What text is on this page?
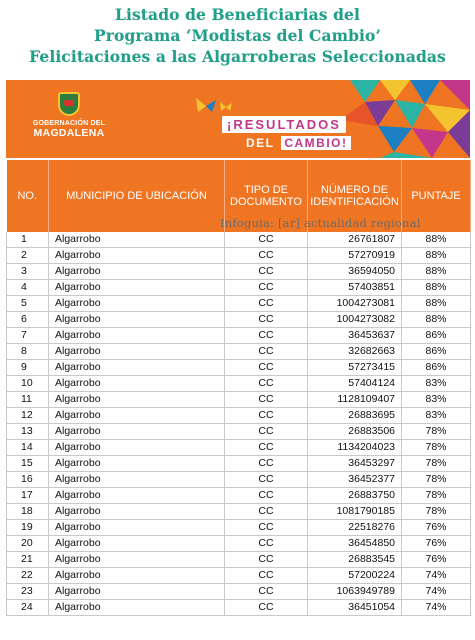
Listado de Beneficiarias del
Programa ‘Modistas del Cambio’
Felicitaciones a las Algarroberas Seleccionadas
GOBERNACIÓN DEL
MAGDALENA
¡RESULTADOS
DEL CAMBIO!
NO.	MUNICIPIO DE UBICACIÓN	TIPO DE DOCUMENTO	NÚMERO DE IDENTIFICACIÓN	PUNTAJE
1	Algarrobo	CC	26761807	88%
2	Algarrobo	CC	57270919	88%
3	Algarrobo	CC	36594050	88%
4	Algarrobo	CC	57403851	88%
5	Algarrobo	CC	1004273081	88%
6	Algarrobo	CC	1004273082	88%
7	Algarrobo	CC	36453637	86%
8	Algarrobo	CC	32682663	86%
9	Algarrobo	CC	57273415	86%
10	Algarrobo	CC	57404124	83%
11	Algarrobo	CC	1128109407	83%
12	Algarrobo	CC	26883695	83%
13	Algarrobo	CC	26883506	78%
14	Algarrobo	CC	1134204023	78%
15	Algarrobo	CC	36453297	78%
16	Algarrobo	CC	36452377	78%
17	Algarrobo	CC	26883750	78%
18	Algarrobo	CC	1081790185	78%
19	Algarrobo	CC	22518276	76%
20	Algarrobo	CC	36454850	76%
21	Algarrobo	CC	26883545	76%
22	Algarrobo	CC	57200224	74%
23	Algarrobo	CC	1063949789	74%
24	Algarrobo	CC	36451054	74%
Infoguia: [ar] actualidad regional
